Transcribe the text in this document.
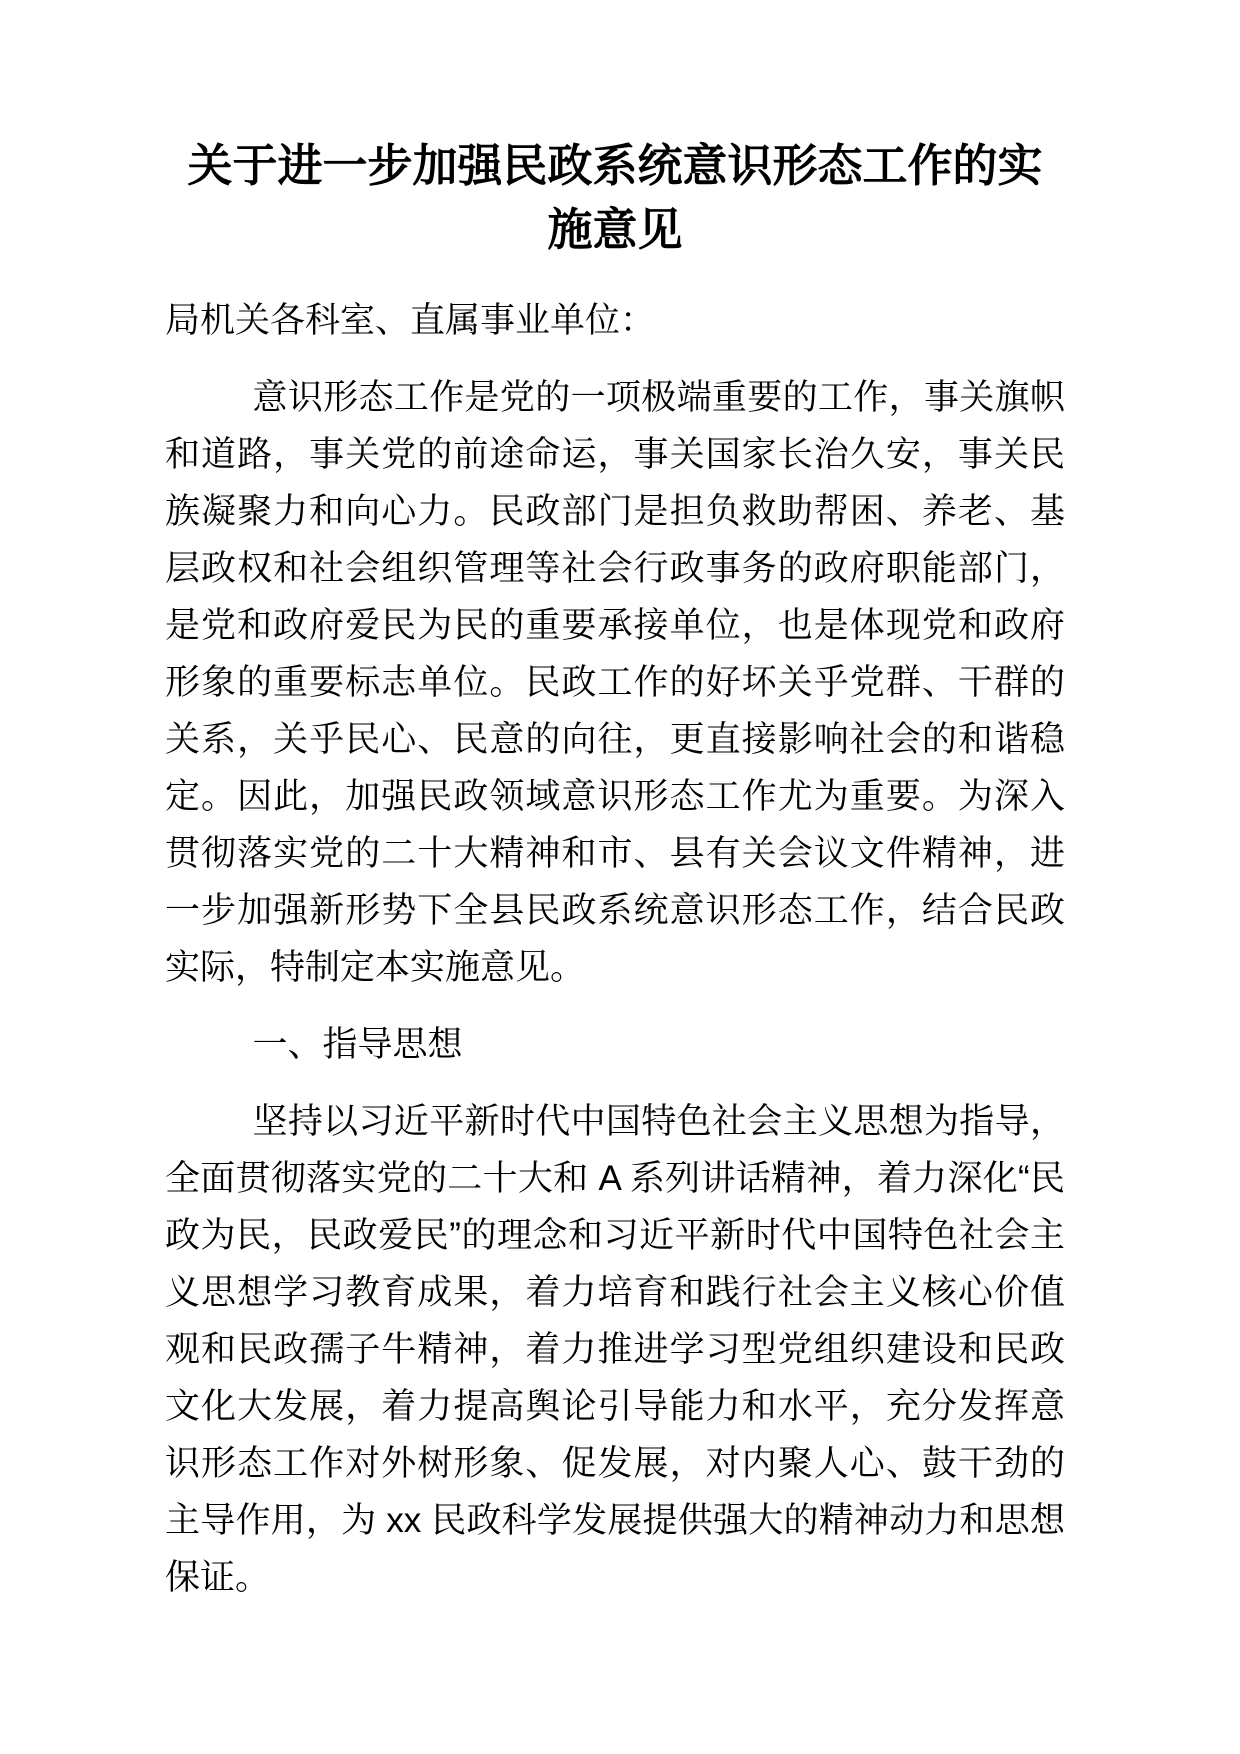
关于进一步加强民政系统意识形态工作的实施意见

局机关各科室、直属事业单位：

意识形态工作是党的一项极端重要的工作，事关旗帜和道路，事关党的前途命运，事关国家长治久安，事关民族凝聚力和向心力。民政部门是担负救助帮困、养老、基层政权和社会组织管理等社会行政事务的政府职能部门，是党和政府爱民为民的重要承接单位，也是体现党和政府形象的重要标志单位。民政工作的好坏关乎党群、干群的关系，关乎民心、民意的向往，更直接影响社会的和谐稳定。因此，加强民政领域意识形态工作尤为重要。为深入贯彻落实党的二十大精神和市、县有关会议文件精神，进一步加强新形势下全县民政系统意识形态工作，结合民政实际，特制定本实施意见。

一、指导思想

坚持以习近平新时代中国特色社会主义思想为指导，全面贯彻落实党的二十大和 A 系列讲话精神，着力深化“民政为民，民政爱民”的理念和习近平新时代中国特色社会主义思想学习教育成果，着力培育和践行社会主义核心价值观和民政孺子牛精神，着力推进学习型党组织建设和民政文化大发展，着力提高舆论引导能力和水平，充分发挥意识形态工作对外树形象、促发展，对内聚人心、鼓干劲的主导作用，为 xx 民政科学发展提供强大的精神动力和思想保证。
